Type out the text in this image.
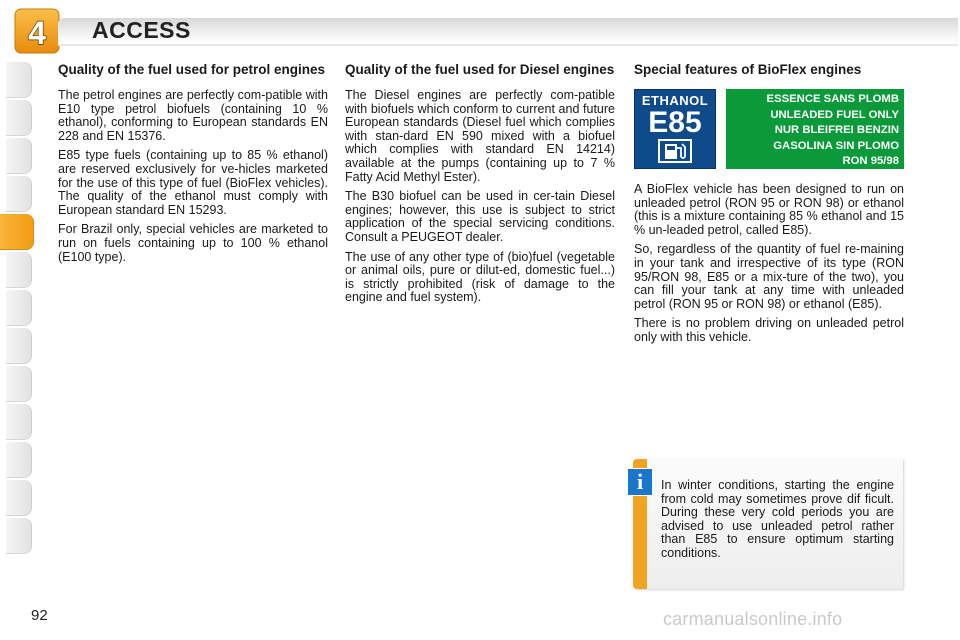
4 ACCESS
Quality of the fuel used for petrol engines

The petrol engines are perfectly com-patible with E10 type petrol biofuels (containing 10 % ethanol), conforming to European standards EN 228 and EN 15376.

E85 type fuels (containing up to 85 % ethanol) are reserved exclusively for ve-hicles marketed for the use of this type of fuel (BioFlex vehicles). The quality of the ethanol must comply with European standard EN 15293.

For Brazil only, special vehicles are marketed to run on fuels containing up to 100 % ethanol (E100 type).

Quality of the fuel used for Diesel engines

The Diesel engines are perfectly com-patible with biofuels which conform to current and future European standards (Diesel fuel which complies with stan-dard EN 590 mixed with a biofuel which complies with standard EN 14214) available at the pumps (containing up to 7 % Fatty Acid Methyl Ester).

The B30 biofuel can be used in cer-tain Diesel engines; however, this use is subject to strict application of the special servicing conditions. Consult a PEUGEOT dealer.

The use of any other type of (bio)fuel (vegetable or animal oils, pure or dilut-ed, domestic fuel...) is strictly prohibited (risk of damage to the engine and fuel system).

Special features of BioFlex engines
ETHANOL
E85
ESSENCE SANS PLOMB
UNLEADED FUEL ONLY
NUR BLEIFREI BENZIN
GASOLINA SIN PLOMO
RON 95/98

A BioFlex vehicle has been designed to run on unleaded petrol (RON 95 or RON 98) or ethanol (this is a mixture containing 85 % ethanol and 15 % un-leaded petrol, called E85).

So, regardless of the quantity of fuel re-maining in your tank and irrespective of its type (RON 95/RON 98, E85 or a mix-ture of the two), you can fill your tank at any time with unleaded petrol (RON 95 or RON 98) or ethanol (E85).

There is no problem driving on unleaded petrol only with this vehicle.

i	In winter conditions, starting the engine from cold may sometimes prove dif ficult. During these very cold periods you are advised to use unleaded petrol rather than E85 to ensure optimum starting conditions.

92	carmanualsonline.info
